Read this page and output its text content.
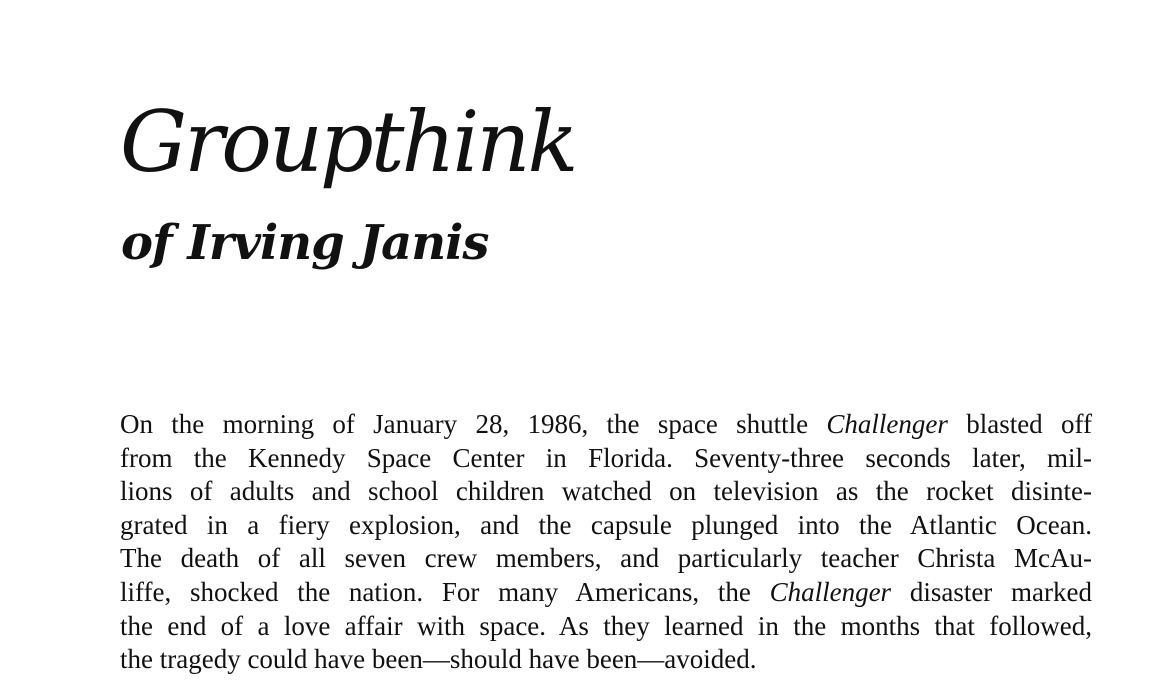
Groupthink
of Irving Janis
On the morning of January 28, 1986, the space shuttle Challenger blasted off
from the Kennedy Space Center in Florida. Seventy-three seconds later, mil-
lions of adults and school children watched on television as the rocket disinte-
grated in a fiery explosion, and the capsule plunged into the Atlantic Ocean.
The death of all seven crew members, and particularly teacher Christa McAu-
liffe, shocked the nation. For many Americans, the Challenger disaster marked
the end of a love affair with space. As they learned in the months that followed,
the tragedy could have been—should have been—avoided.
